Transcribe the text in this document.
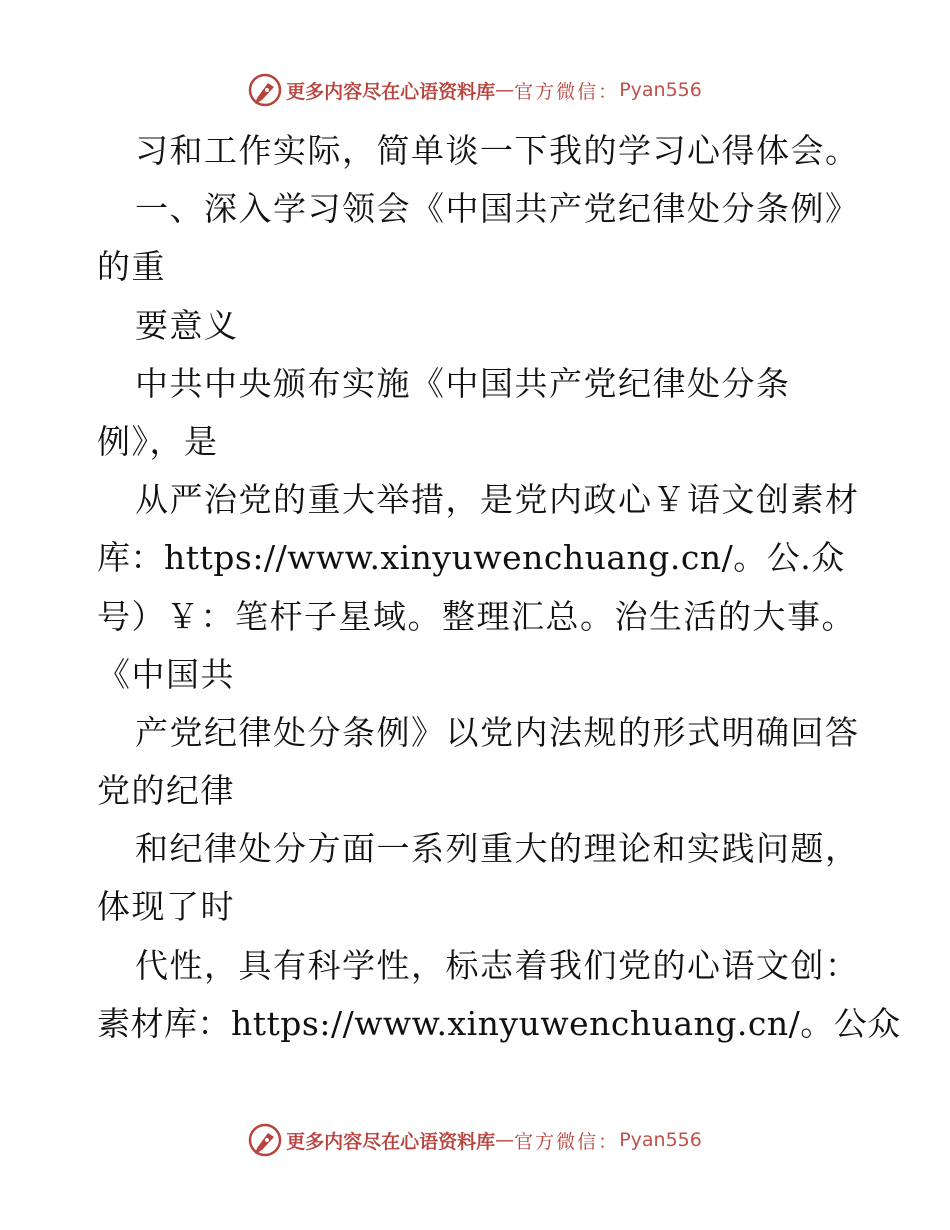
更多内容尽在心语资料库 — 官方微信： Pyan556
习和工作实际，简单谈一下我的学习心得体会。
一、深入学习领会《中国共产党纪律处分条例》
的重
要意义
中共中央颁布实施《中国共产党纪律处分条
例》，是
从严治党的重大举措，是党内政心￥语文创素材
库：https://www.xinyuwenchuang.cn/。公.众
号）￥：笔杆子星域。整理汇总。治生活的大事。
《中国共
产党纪律处分条例》以党内法规的形式明确回答
党的纪律
和纪律处分方面一系列重大的理论和实践问题，
体现了时
代性，具有科学性，标志着我们党的心语文创：
素材库：https://www.xinyuwenchuang.cn/。公众
更多内容尽在心语资料库 — 官方微信： Pyan556
